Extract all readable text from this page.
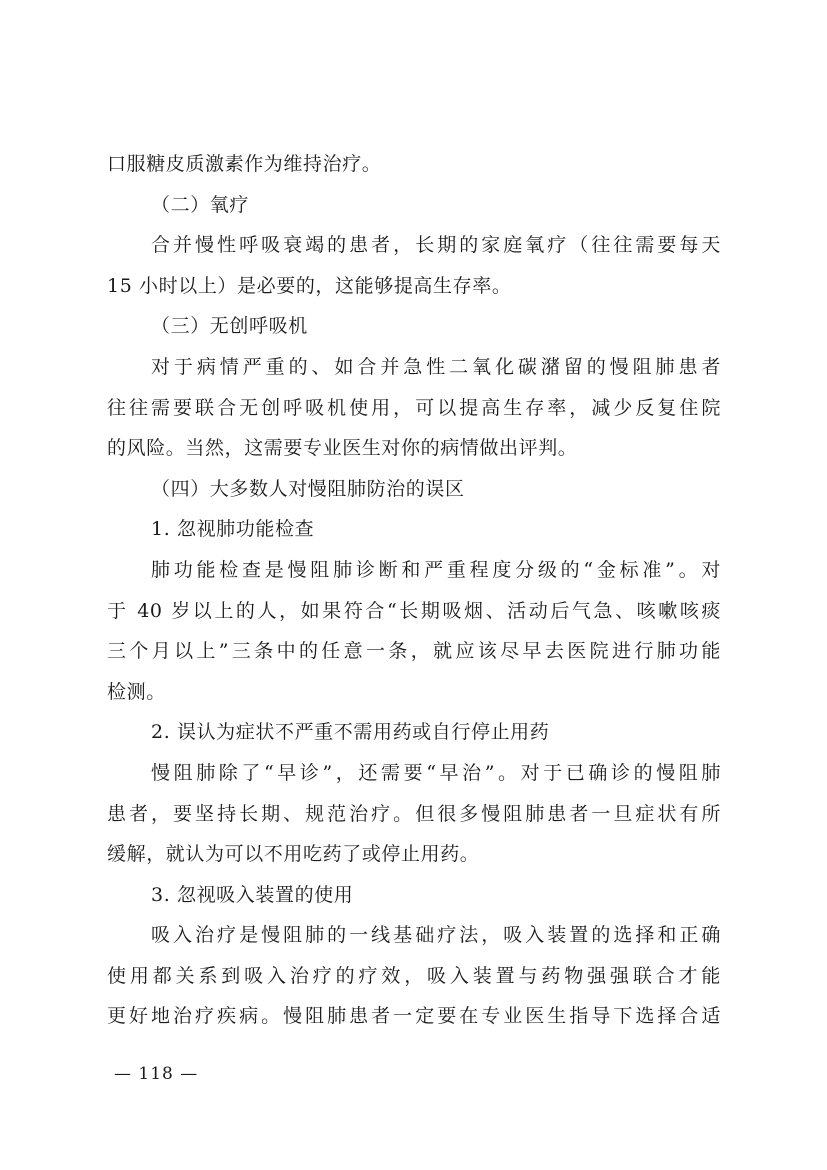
口服糖皮质激素作为维持治疗。
（二）氧疗
合并慢性呼吸衰竭的患者，长期的家庭氧疗（往往需要每天
15 小时以上）是必要的，这能够提高生存率。
（三）无创呼吸机
对于病情严重的、如合并急性二氧化碳潴留的慢阻肺患者
往往需要联合无创呼吸机使用，可以提高生存率，减少反复住院
的风险。当然，这需要专业医生对你的病情做出评判。
（四）大多数人对慢阻肺防治的误区
1. 忽视肺功能检查
肺功能检查是慢阻肺诊断和严重程度分级的“金标准”。对
于 40 岁以上的人，如果符合“长期吸烟、活动后气急、咳嗽咳痰
三个月以上”三条中的任意一条，就应该尽早去医院进行肺功能
检测。
2. 误认为症状不严重不需用药或自行停止用药
慢阻肺除了“早诊”，还需要“早治”。对于已确诊的慢阻肺
患者，要坚持长期、规范治疗。但很多慢阻肺患者一旦症状有所
缓解，就认为可以不用吃药了或停止用药。
3. 忽视吸入装置的使用
吸入治疗是慢阻肺的一线基础疗法，吸入装置的选择和正确
使用都关系到吸入治疗的疗效，吸入装置与药物强强联合才能
更好地治疗疾病。慢阻肺患者一定要在专业医生指导下选择合适
— 118 —
